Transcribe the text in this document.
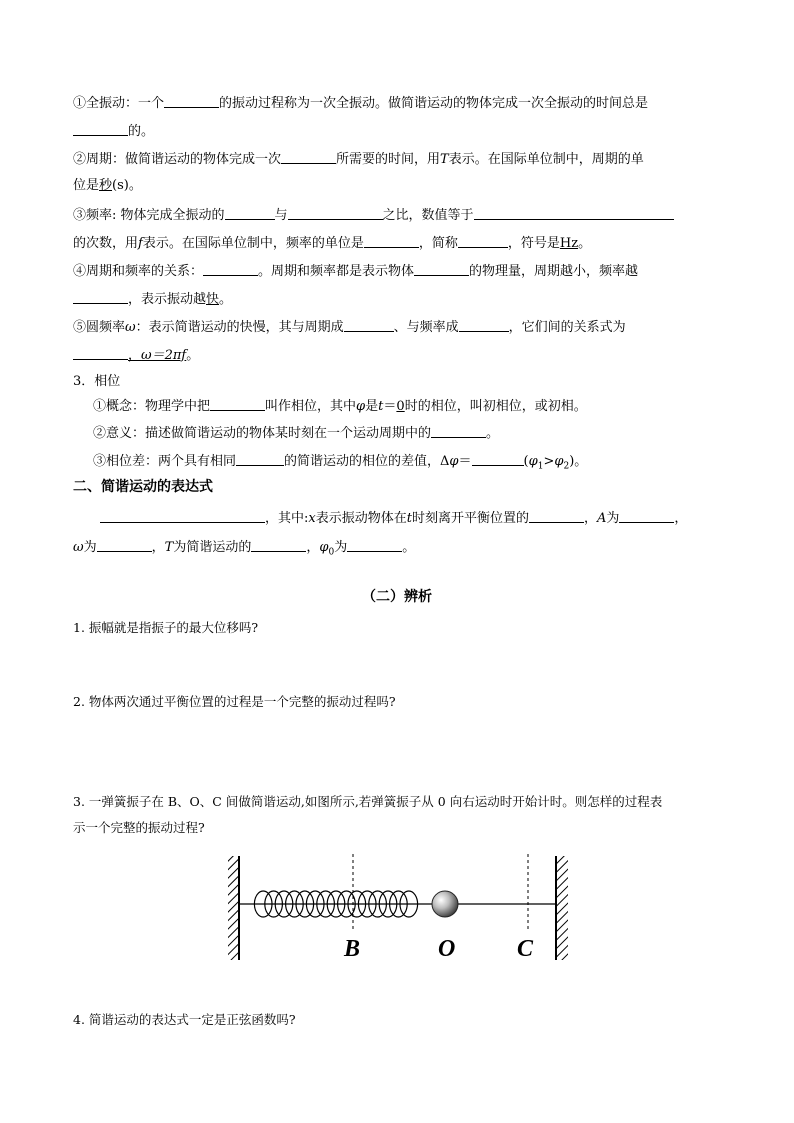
①全振动：一个	的振动过程称为一次全振动。做简谐运动的物体完成一次全振动的时间总是
的。
②周期：做简谐运动的物体完成一次	所需要的时间，用T表示。在国际单位制中，周期的单
位是秒(s)。
③频率: 物体完成全振动的	与	之比，数值等于
的次数，用f表示。在国际单位制中，频率的单位是	，简称	，符号是Hz。
④周期和频率的关系：	。周期和频率都是表示物体	的物理量，周期越小，频率越
，表示振动越快。
⑤圆频率ω：表示简谐运动的快慢，其与周期成	、与频率成	，它们间的关系式为
，ω＝2πf。
3．相位
①概念：物理学中把	叫作相位，其中φ是t＝0时的相位，叫初相位，或初相。
②意义：描述做简谐运动的物体某时刻在一个运动周期中的	。
③相位差：两个具有相同	的简谐运动的相位的差值，Δφ＝	$(\varphi_1>\varphi_2)$。
二、简谐运动的表达式
，其中:x表示振动物体在t时刻离开平衡位置的	，A为	，
ω为	，T为简谐运动的	，$\varphi_0$为	。
（二）辨析
1. 振幅就是指振子的最大位移吗?
2. 物体两次通过平衡位置的过程是一个完整的振动过程吗?
3. 一弹簧振子在 B、O、C 间做简谐运动,如图所示,若弹簧振子从 0 向右运动时开始计时。则怎样的过程表
示一个完整的振动过程?
B	O	C
4. 简谐运动的表达式一定是正弦函数吗?
